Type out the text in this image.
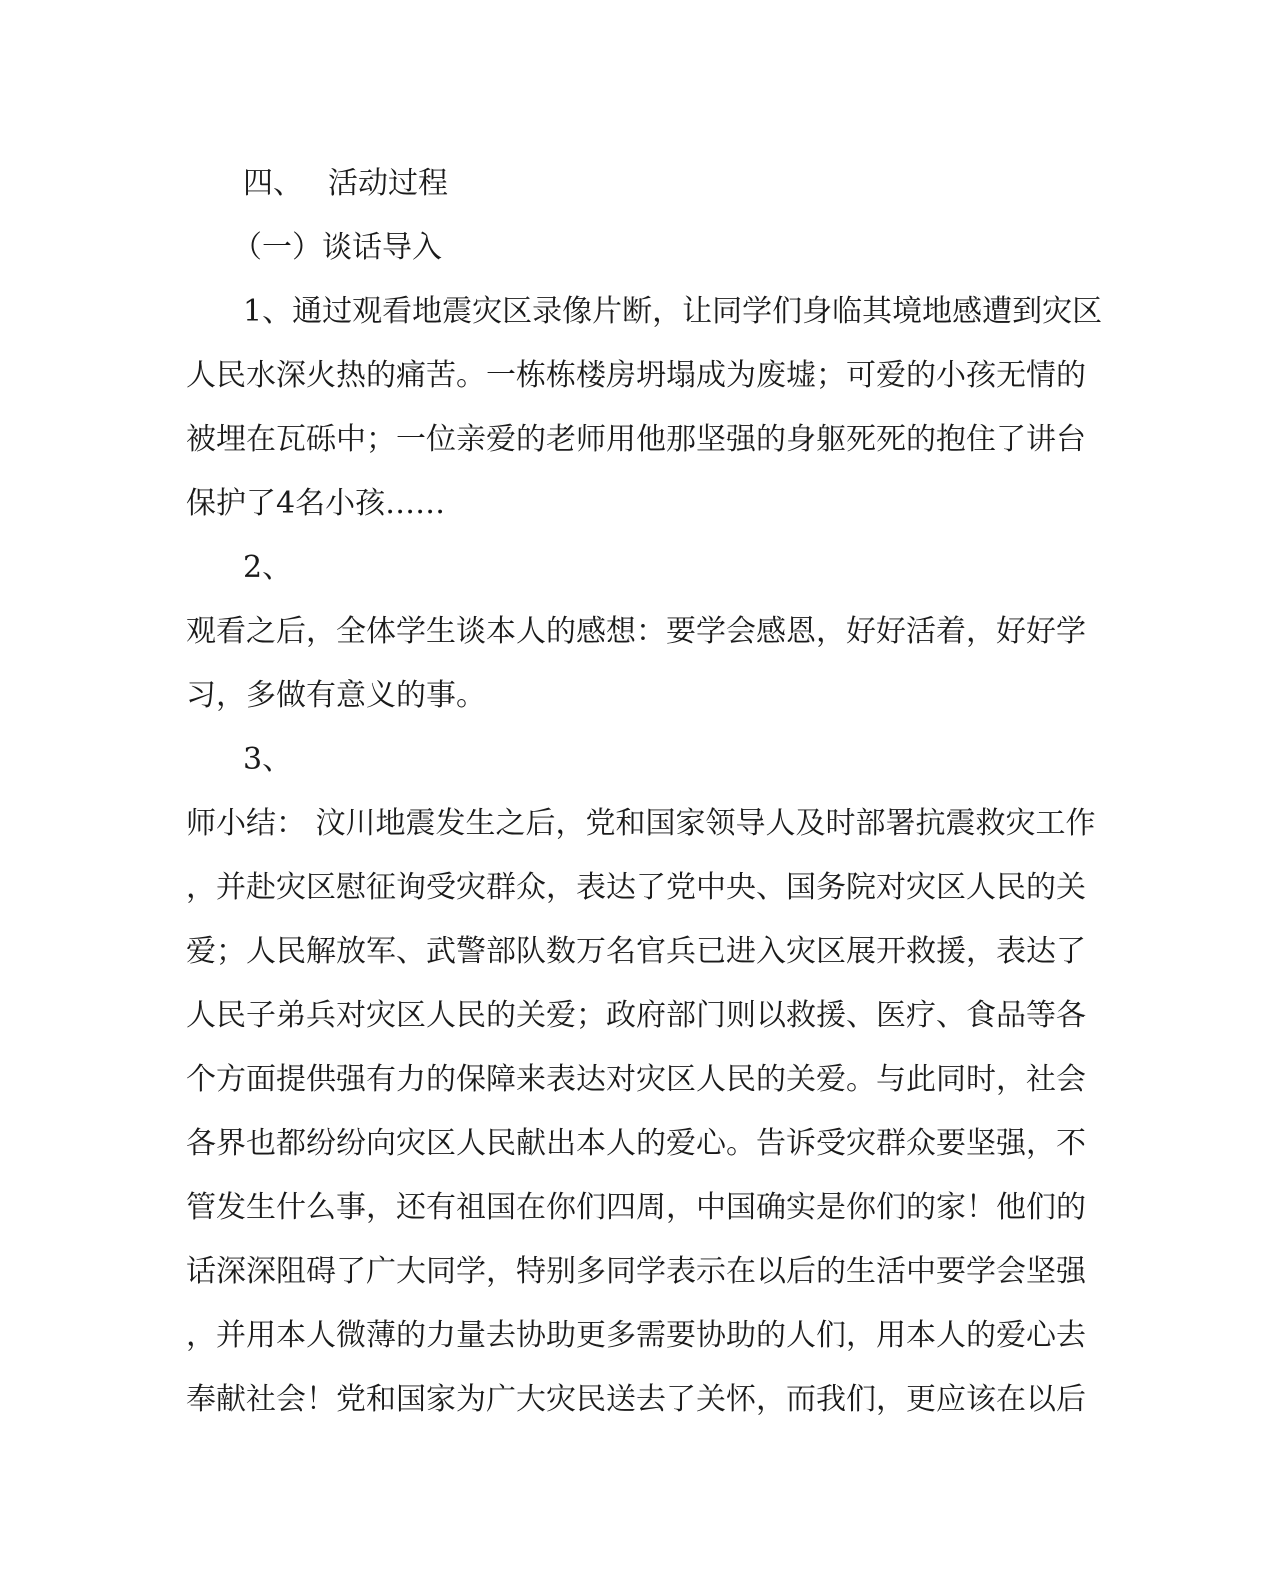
四、 活动过程
（一）谈话导入
1、通过观看地震灾区录像片断，让同学们身临其境地感遭到灾区
人民水深火热的痛苦。一栋栋楼房坍塌成为废墟；可爱的小孩无情的
被埋在瓦砾中；一位亲爱的老师用他那坚强的身躯死死的抱住了讲台
保护了4名小孩……
2、
观看之后，全体学生谈本人的感想：要学会感恩，好好活着，好好学
习，多做有意义的事。
3、
师小结： 汶川地震发生之后，党和国家领导人及时部署抗震救灾工作
，并赴灾区慰征询受灾群众，表达了党中央、国务院对灾区人民的关
爱；人民解放军、武警部队数万名官兵已进入灾区展开救援，表达了
人民子弟兵对灾区人民的关爱；政府部门则以救援、医疗、食品等各
个方面提供强有力的保障来表达对灾区人民的关爱。与此同时，社会
各界也都纷纷向灾区人民献出本人的爱心。告诉受灾群众要坚强，不
管发生什么事，还有祖国在你们四周，中国确实是你们的家！他们的
话深深阻碍了广大同学，特别多同学表示在以后的生活中要学会坚强
，并用本人微薄的力量去协助更多需要协助的人们，用本人的爱心去
奉献社会！党和国家为广大灾民送去了关怀，而我们，更应该在以后
